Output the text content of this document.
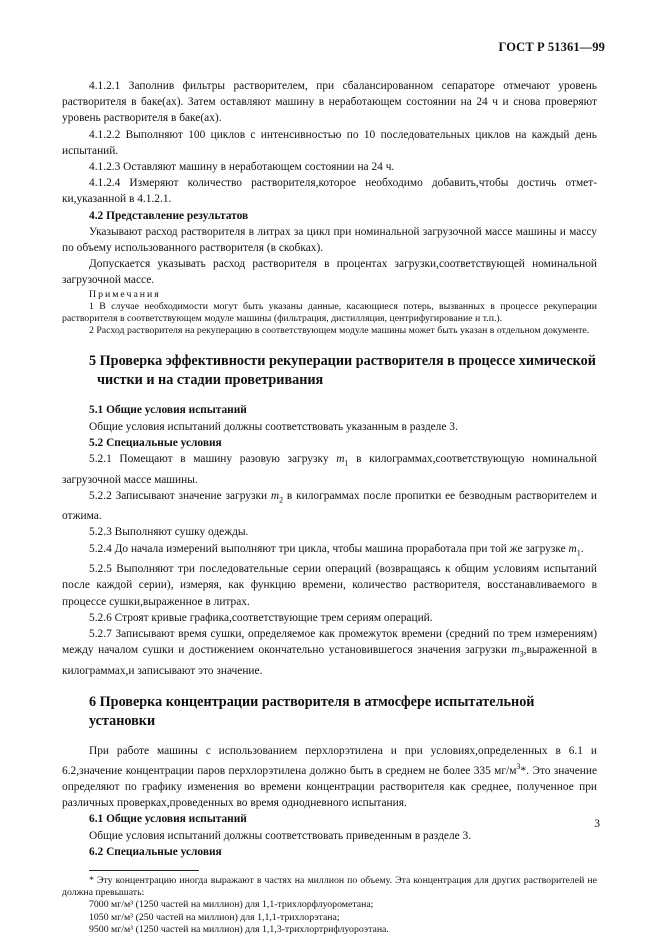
ГОСТ Р 51361—99

4.1.2.1 Заполнив фильтры растворителем, при сбалансированном сепараторе отмечают уровень растворителя в баке(ах). Затем оставляют машину в неработающем состоянии на 24 ч и снова проверяют уровень растворителя в баке(ах).

4.1.2.2 Выполняют 100 циклов с интенсивностью по 10 последовательных циклов на каждый день испытаний.

4.1.2.3 Оставляют машину в неработающем состоянии на 24 ч.

4.1.2.4 Измеряют количество растворителя,которое необходимо добавить,чтобы достичь отметки,указанной в 4.1.2.1.

4.2 Представление результатов

Указывают расход растворителя в литрах за цикл при номинальной загрузочной массе машины и массу по объему использованного растворителя (в скобках).

Допускается указывать расход растворителя в процентах загрузки,соответствующей номинальной загрузочной массе.

Примечания

1 В случае необходимости могут быть указаны данные, касающиеся потерь, вызванных в процессе рекуперации растворителя в соответствующем модуле машины (фильтрация, дистилляция, центрифугирование и т.п.).

2 Расход растворителя на рекуперацию в соответствующем модуле машины может быть указан в отдельном документе.

5 Проверка эффективности рекуперации растворителя в процессе химической
чистки и на стадии проветривания

5.1 Общие условия испытаний

Общие условия испытаний должны соответствовать указанным в разделе 3.

5.2 Специальные условия

5.2.1 Помещают в машину разовую загрузку $m_1$ в килограммах,соответствующую номинальной загрузочной массе машины.

5.2.2 Записывают значение загрузки $m_2$ в килограммах после пропитки ее безводным растворителем и отжима.

5.2.3 Выполняют сушку одежды.

5.2.4 До начала измерений выполняют три цикла, чтобы машина проработала при той же загрузке $m_1$.

5.2.5 Выполняют три последовательные серии операций (возвращаясь к общим условиям испытаний после каждой серии), измеряя, как функцию времени, количество растворителя, восстанавливаемого в процессе сушки,выраженное в литрах.

5.2.6 Строят кривые графика,соответствующие трем сериям операций.

5.2.7 Записывают время сушки, определяемое как промежуток времени (средний по трем измерениям) между началом сушки и достижением окончательно установившегося значения загрузки $m_3,выраженной$ в килограммах,и записывают это значение.

6 Проверка концентрации растворителя в атмосфере испытательной установки

При работе машины с использованием перхлорэтилена и при условиях,определенных в 6.1 и 6.2,значение концентрации паров перхлорэтилена должно быть в среднем не более 335 $мг/м^3*$. Это значение определяют по графику изменения во времени концентрации растворителя как среднее, полученное при различных проверках,проведенных во время однодневного испытания.

6.1 Общие условия испытаний

Общие условия испытаний должны соответствовать приведенным в разделе 3.

6.2 Специальные условия

* Эту концентрацию иногда выражают в частях на миллион по объему. Эта концентрация для других растворителей не должна превышать:

7000 мг/м³ (1250 частей на миллион) для 1,1-трихлорфлуорометана;

1050 мг/м³ (250 частей на миллион) для 1,1,1-трихлорэтана;

9500 мг/м³ (1250 частей на миллион) для 1,1,3-трихлортрифлуороэтана.

3
